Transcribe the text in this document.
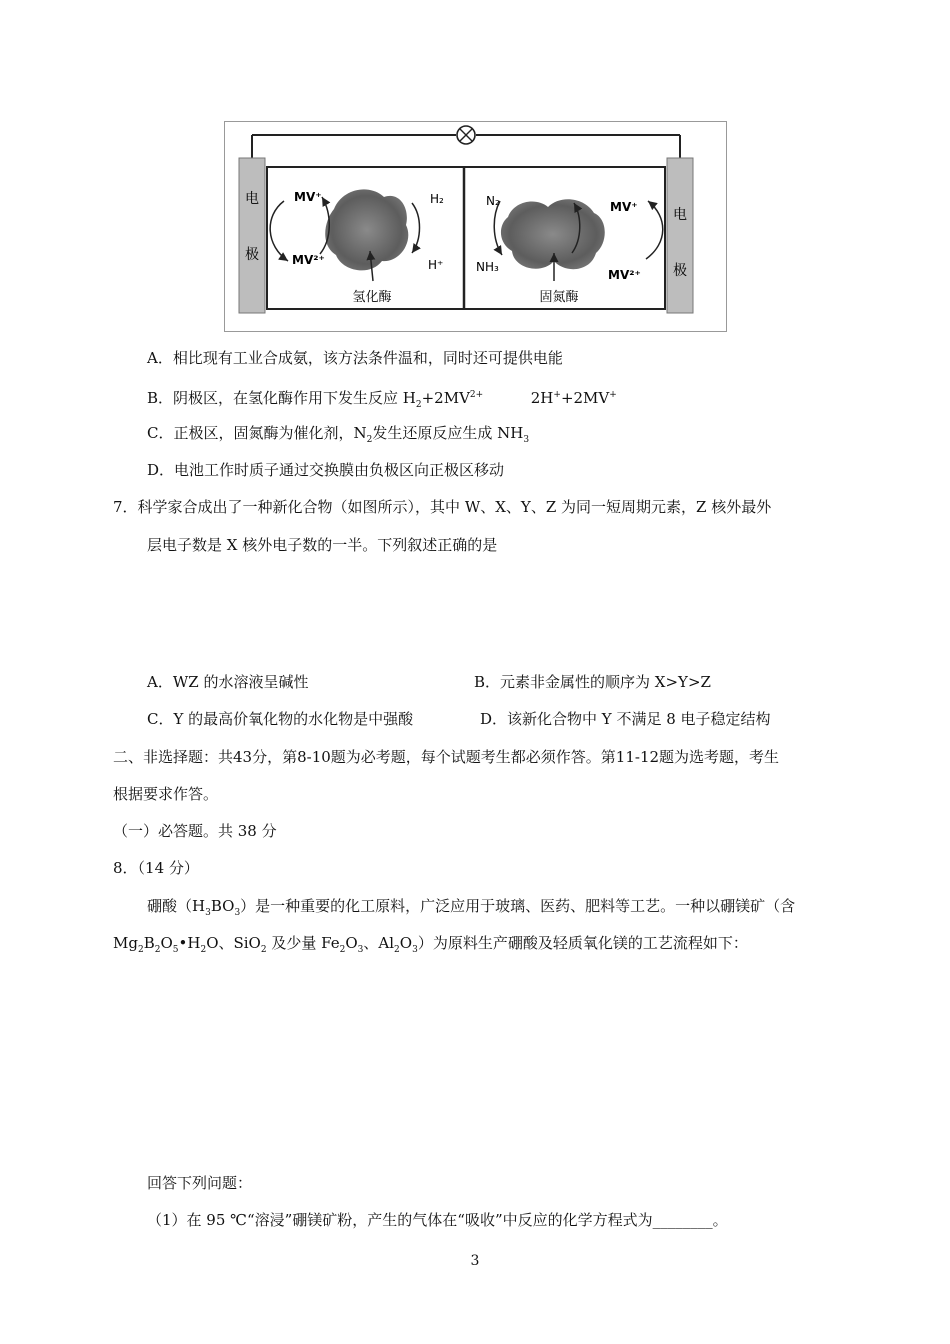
电
极
电
极
MV⁺
MV²⁺
H₂
H⁺
氢化酶
N₂
NH₃
MV⁺
MV²⁺
固氮酶
A．相比现有工业合成氨，该方法条件温和，同时还可提供电能
B．阴极区，在氢化酶作用下发生反应 $H_2+2MV^{2+}$	2H++2MV+
C．正极区，固氮酶为催化剂，$N_2$发生还原反应生成 $NH_3$
D．电池工作时质子通过交换膜由负极区向正极区移动
7．科学家合成出了一种新化合物（如图所示），其中 W、X、Y、Z 为同一短周期元素，Z 核外最外
层电子数是 X 核外电子数的一半。下列叙述正确的是
A．WZ 的水溶液呈碱性	B．元素非金属性的顺序为 X>Y>Z
C．Y 的最高价氧化物的水化物是中强酸	D．该新化合物中 Y 不满足 8 电子稳定结构
二、非选择题：共43分，第8-10题为必考题，每个试题考生都必须作答。第11-12题为选考题，考生
根据要求作答。
（一）必答题。共 38 分
8．（14 分）
硼酸$(H_3BO_3)$是一种重要的化工原料，广泛应用于玻璃、医药、肥料等工艺。一种以硼镁矿（含
$Mg_2B_2O_5•H_2O$、SiO$_2$ 及少量 $Fe_2O_3$、$Al_2O_3$）为原料生产硼酸及轻质氧化镁的工艺流程如下：
回答下列问题：
（1）在 95 ℃“溶浸”硼镁矿粉，产生的气体在“吸收”中反应的化学方程式为________。
3
